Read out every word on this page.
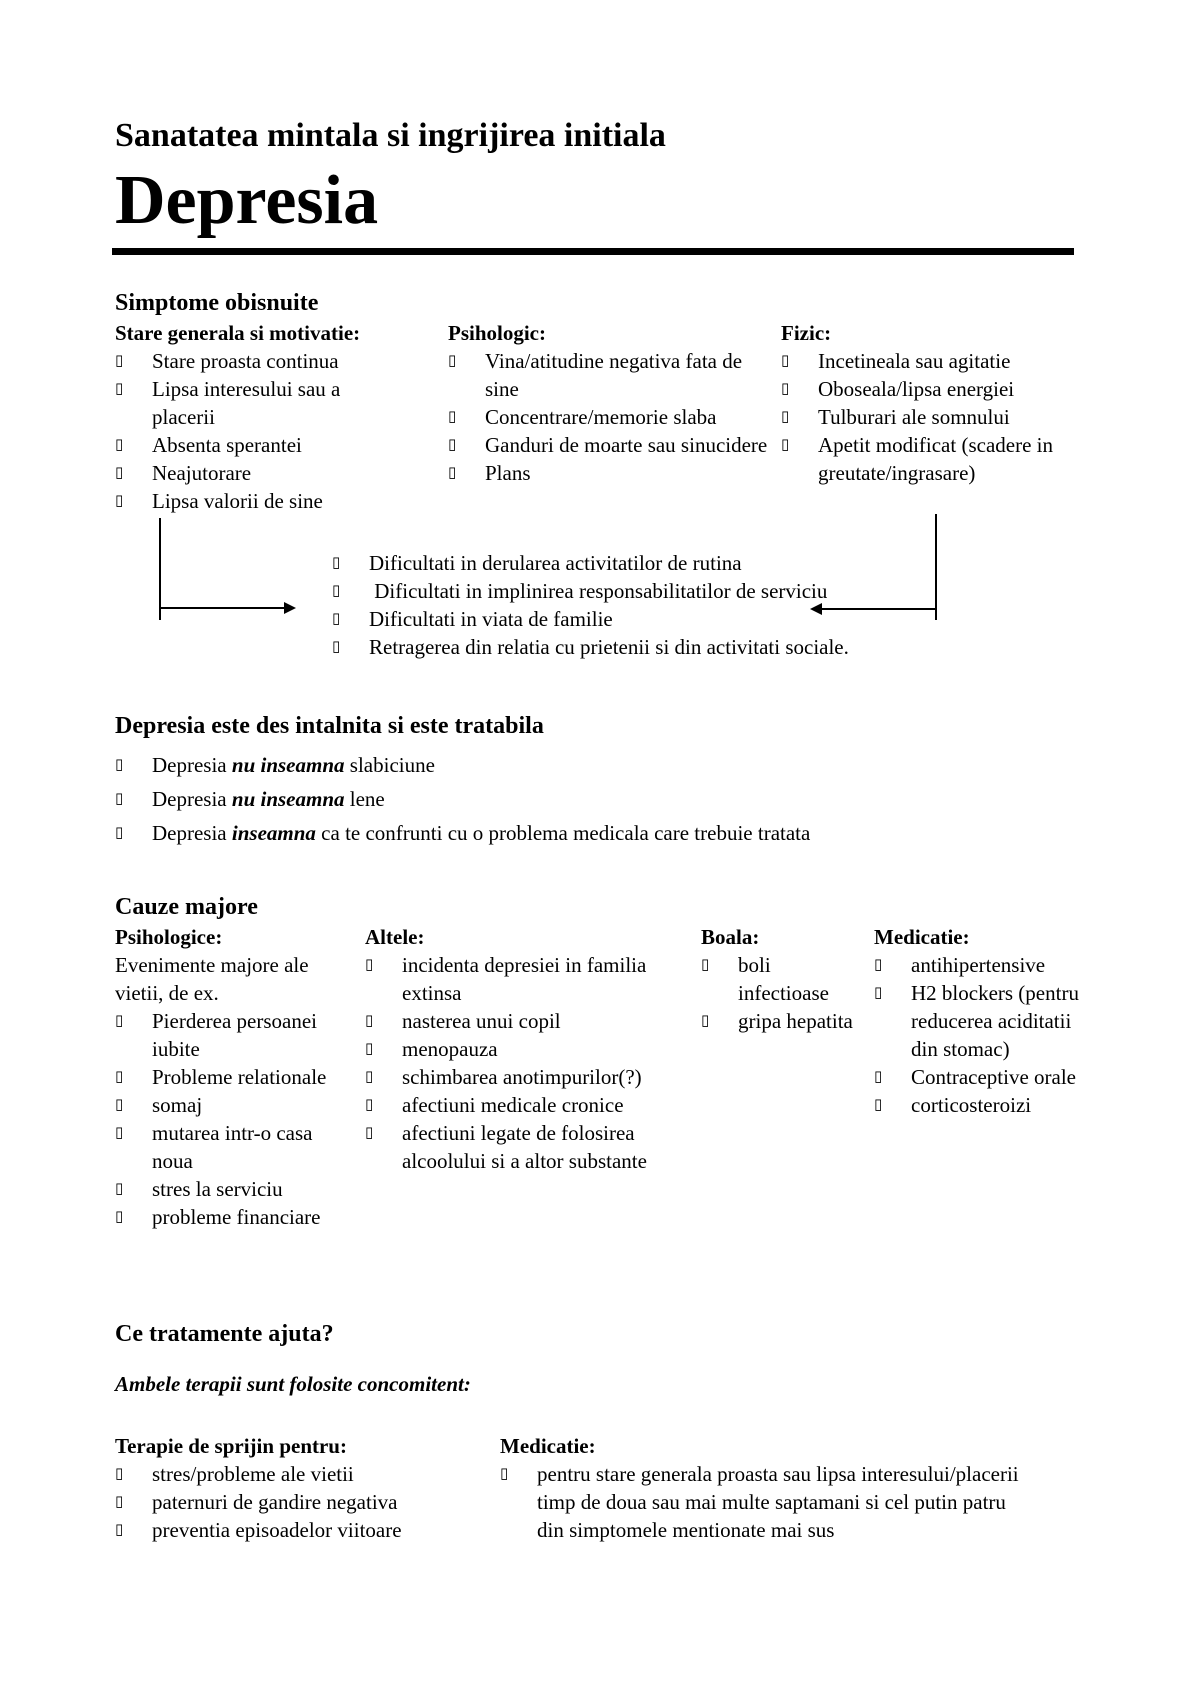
Sanatatea mintala si ingrijirea initiala
Depresia
Simptome obisnuite
Stare generala si motivatie:
▯ Stare proasta continua
▯ Lipsa interesului sau a placerii
▯ Absenta sperantei
▯ Neajutorare
▯ Lipsa valorii de sine
Psihologic:
▯ Vina/atitudine negativa fata de sine
▯ Concentrare/memorie slaba
▯ Ganduri de moarte sau sinucidere
▯ Plans
Fizic:
▯ Incetineala sau agitatie
▯ Oboseala/lipsa energiei
▯ Tulburari ale somnului
▯ Apetit modificat (scadere in greutate/ingrasare)
▯ Dificultati in derularea activitatilor de rutina
▯  Dificultati in implinirea responsabilitatilor de serviciu
▯ Dificultati in viata de familie
▯ Retragerea din relatia cu prietenii si din activitati sociale.
Depresia este des intalnita si este tratabila
▯ Depresia nu inseamna slabiciune
▯ Depresia nu inseamna lene
▯ Depresia inseamna ca te confrunti cu o problema medicala care trebuie tratata
Cauze majore
Psihologice:

Evenimente majore ale vietii, de ex.

▯ Pierderea persoanei iubite
▯ Probleme relationale
▯ somaj
▯ mutarea intr-o casa noua
▯ stres la serviciu
▯ probleme financiare
Altele:
▯ incidenta depresiei in familia extinsa
▯ nasterea unui copil
▯ menopauza
▯ schimbarea anotimpurilor(?)
▯ afectiuni medicale cronice
▯ afectiuni legate de folosirea alcoolului si a altor substante
Boala:
▯ boli infectioase
▯ gripa hepatita
Medicatie:
▯ antihipertensive
▯ H2 blockers (pentru reducerea aciditatii din stomac)
▯ Contraceptive orale
▯ corticosteroizi
Ce tratamente ajuta?
Ambele terapii sunt folosite concomitent:
Terapie de sprijin pentru:
▯ stres/probleme ale vietii
▯ paternuri de gandire negativa
▯ preventia episoadelor viitoare
Medicatie:
▯ pentru stare generala proasta sau lipsa interesului/placerii timp de doua sau mai multe saptamani si cel putin patru din simptomele mentionate mai sus
